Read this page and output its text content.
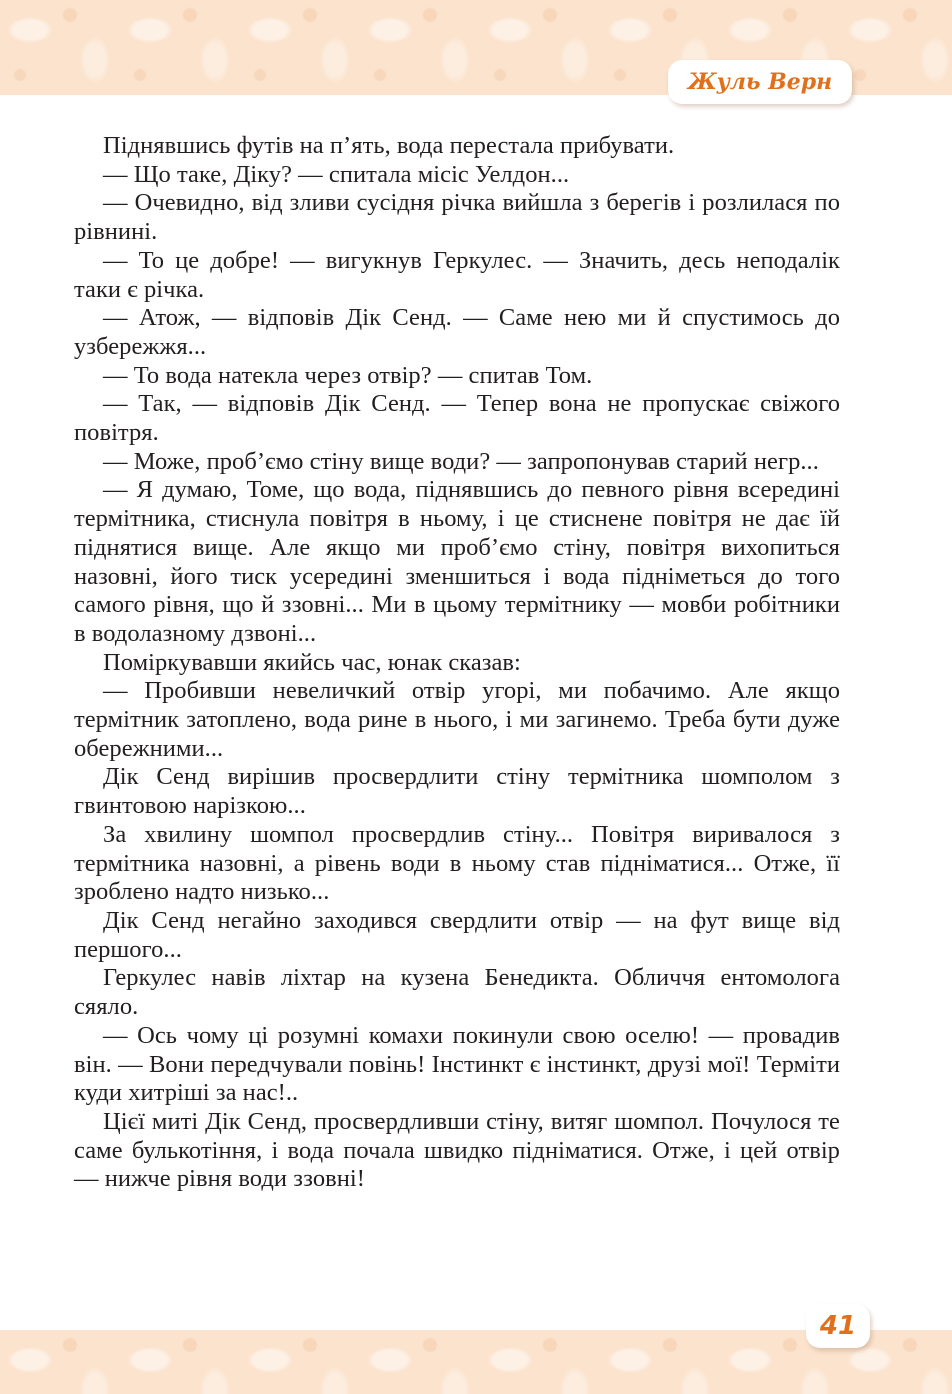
Жуль Верн

Піднявшись футів на п’ять, вода перестала прибувати.

— Що таке, Діку? — спитала місіс Уелдон...

— Очевидно, від зливи сусідня річка вийшла з берегів і розлилася по рівнині.

— То це добре! — вигукнув Геркулес. — Значить, десь неподалік таки є річка.

— Атож, — відповів Дік Сенд. — Саме нею ми й спустимось до узбережжя...

— То вода натекла через отвір? — спитав Том.

— Так, — відповів Дік Сенд. — Тепер вона не пропускає свіжого повітря.

— Може, проб’ємо стіну вище води? — запропонував старий негр...

— Я думаю, Томе, що вода, піднявшись до певного рівня всередині термітника, стиснула повітря в ньому, і це стиснене повітря не дає їй піднятися вище. Але якщо ми проб’ємо стіну, повітря вихопиться назовні, його тиск усередині зменшиться і вода підніметься до того самого рівня, що й ззовні... Ми в цьому термітнику — мовби робітники в водолазному дзвоні...

Поміркувавши якийсь час, юнак сказав:

— Пробивши невеличкий отвір угорі, ми побачимо. Але якщо термітник затоплено, вода рине в нього, і ми загинемо. Треба бути дуже обережними...

Дік Сенд вирішив просвердлити стіну термітника шомполом з гвинтовою нарізкою...

За хвилину шомпол просвердлив стіну... Повітря виривалося з термітника назовні, а рівень води в ньому став підніматися... Отже, її зроблено надто низько...

Дік Сенд негайно заходився свердлити отвір — на фут вище від першого...

Геркулес навів ліхтар на кузена Бенедикта. Обличчя ентомолога сяяло.

— Ось чому ці розумні комахи покинули свою оселю! — провадив він. — Вони передчували повінь! Інстинкт є інстинкт, друзі мої! Терміти куди хитріші за нас!..

Цієї миті Дік Сенд, просвердливши стіну, витяг шомпол. Почулося те саме булькотіння, і вода почала швидко підніматися. Отже, і цей отвір — нижче рівня води ззовні!

41
